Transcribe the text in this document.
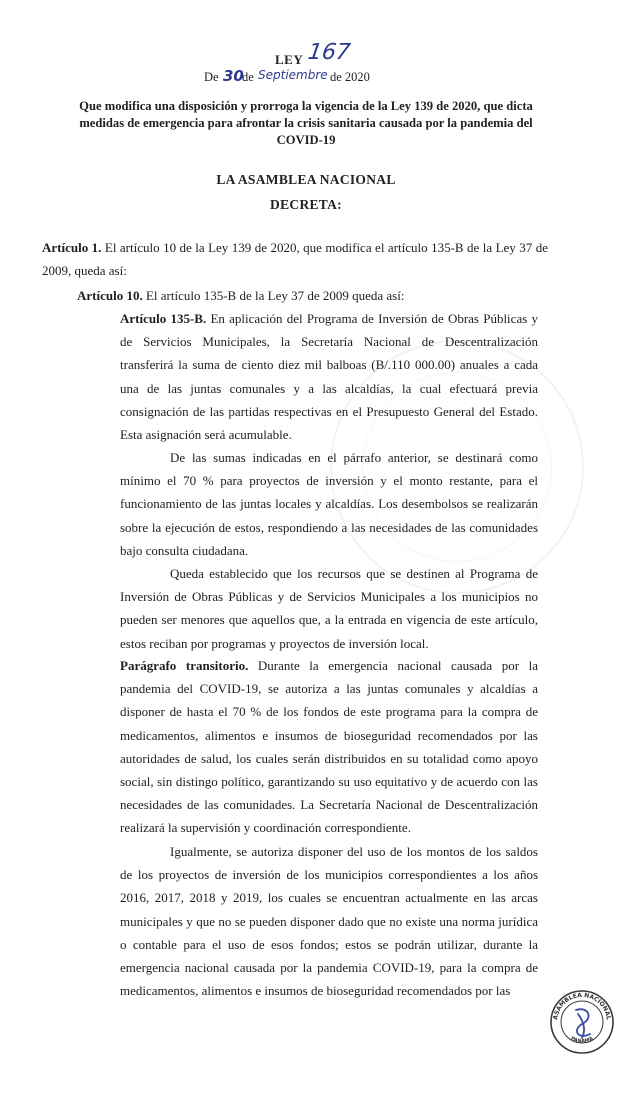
LEY 167
De 30
de Septiembre de 2020
Que modifica una disposición y prorroga la vigencia de la Ley 139 de 2020, que dicta medidas de emergencia para afrontar la crisis sanitaria causada por la pandemia del COVID-19
LA ASAMBLEA NACIONAL
DECRETA:
Artículo 1. El artículo 10 de la Ley 139 de 2020, que modifica el artículo 135-B de la Ley 37 de 2009, queda así:
Artículo 10. El artículo 135-B de la Ley 37 de 2009 queda así:
Artículo 135-B. En aplicación del Programa de Inversión de Obras Públicas y de Servicios Municipales, la Secretaría Nacional de Descentralización transferirá la suma de ciento diez mil balboas (B/.110 000.00) anuales a cada una de las juntas comunales y a las alcaldías, la cual efectuará previa consignación de las partidas respectivas en el Presupuesto General del Estado. Esta asignación será acumulable.
De las sumas indicadas en el párrafo anterior, se destinará como mínimo el 70 % para proyectos de inversión y el monto restante, para el funcionamiento de las juntas locales y alcaldías. Los desembolsos se realizarán sobre la ejecución de estos, respondiendo a las necesidades de las comunidades bajo consulta ciudadana.
Queda establecido que los recursos que se destinen al Programa de Inversión de Obras Públicas y de Servicios Municipales a los municipios no pueden ser menores que aquellos que, a la entrada en vigencia de este artículo, estos reciban por programas y proyectos de inversión local.
Parágrafo transitorio. Durante la emergencia nacional causada por la pandemia del COVID-19, se autoriza a las juntas comunales y alcaldías a disponer de hasta el 70 % de los fondos de este programa para la compra de medicamentos, alimentos e insumos de bioseguridad recomendados por las autoridades de salud, los cuales serán distribuidos en su totalidad como apoyo social, sin distingo político, garantizando su uso equitativo y de acuerdo con las necesidades de las comunidades. La Secretaría Nacional de Descentralización realizará la supervisión y coordinación correspondiente.
Igualmente, se autoriza disponer del uso de los montos de los saldos de los proyectos de inversión de los municipios correspondientes a los años 2016, 2017, 2018 y 2019, los cuales se encuentran actualmente en las arcas municipales y que no se pueden disponer dado que no existe una norma jurídica o contable para el uso de esos fondos; estos se podrán utilizar, durante la emergencia nacional causada por la pandemia COVID-19, para la compra de medicamentos, alimentos e insumos de bioseguridad recomendados por las
ASAMBLEA NACIONAL
PANAMÁ
